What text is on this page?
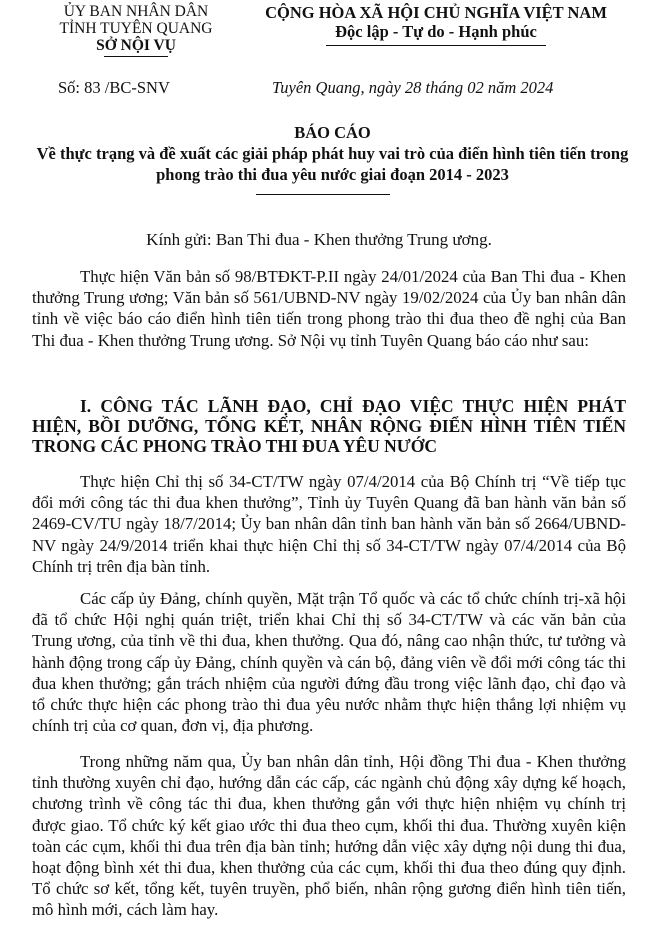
ỦY BAN NHÂN DÂN
TỈNH TUYÊN QUANG
SỞ NỘI VỤ
CỘNG HÒA XÃ HỘI CHỦ NGHĨA VIỆT NAM
Độc lập - Tự do - Hạnh phúc
Số: 83 /BC-SNV	Tuyên Quang, ngày 28 tháng 02 năm 2024
BÁO CÁO
Về thực trạng và đề xuất các giải pháp phát huy vai trò của điển hình tiên tiến trong phong trào thi đua yêu nước giai đoạn 2014 - 2023
Kính gửi: Ban Thi đua - Khen thưởng Trung ương.

Thực hiện Văn bản số 98/BTĐKT-P.II ngày 24/01/2024 của Ban Thi đua - Khen thưởng Trung ương; Văn bản số 561/UBND-NV ngày 19/02/2024 của Ủy ban nhân dân tỉnh về việc báo cáo điển hình tiên tiến trong phong trào thi đua theo đề nghị của Ban Thi đua - Khen thưởng Trung ương. Sở Nội vụ tỉnh Tuyên Quang báo cáo như sau:

I. CÔNG TÁC LÃNH ĐẠO, CHỈ ĐẠO VIỆC THỰC HIỆN PHÁT HIỆN, BỒI DƯỠNG, TỔNG KẾT, NHÂN RỘNG ĐIỂN HÌNH TIÊN TIẾN TRONG CÁC PHONG TRÀO THI ĐUA YÊU NƯỚC

Thực hiện Chỉ thị số 34-CT/TW ngày 07/4/2014 của Bộ Chính trị “Về tiếp tục đổi mới công tác thi đua khen thưởng”, Tỉnh ủy Tuyên Quang đã ban hành văn bản số 2469-CV/TU ngày 18/7/2014; Ủy ban nhân dân tỉnh ban hành văn bản số 2664/UBND-NV ngày 24/9/2014 triển khai thực hiện Chỉ thị số 34-CT/TW ngày 07/4/2014 của Bộ Chính trị trên địa bàn tỉnh.

Các cấp ủy Đảng, chính quyền, Mặt trận Tổ quốc và các tổ chức chính trị-xã hội đã tổ chức Hội nghị quán triệt, triển khai Chỉ thị số 34-CT/TW và các văn bản của Trung ương, của tỉnh về thi đua, khen thưởng. Qua đó, nâng cao nhận thức, tư tưởng và hành động trong cấp ủy Đảng, chính quyền và cán bộ, đảng viên về đổi mới công tác thi đua khen thưởng; gắn trách nhiệm của người đứng đầu trong việc lãnh đạo, chỉ đạo và tổ chức thực hiện các phong trào thi đua yêu nước nhằm thực hiện thắng lợi nhiệm vụ chính trị của cơ quan, đơn vị, địa phương.

Trong những năm qua, Ủy ban nhân dân tỉnh, Hội đồng Thi đua - Khen thưởng tỉnh thường xuyên chỉ đạo, hướng dẫn các cấp, các ngành chủ động xây dựng kế hoạch, chương trình về công tác thi đua, khen thưởng gắn với thực hiện nhiệm vụ chính trị được giao. Tổ chức ký kết giao ước thi đua theo cụm, khối thi đua. Thường xuyên kiện toàn các cụm, khối thi đua trên địa bàn tỉnh; hướng dẫn việc xây dựng nội dung thi đua, hoạt động bình xét thi đua, khen thưởng của các cụm, khối thi đua theo đúng quy định. Tổ chức sơ kết, tổng kết, tuyên truyền, phổ biến, nhân rộng gương điển hình tiên tiến, mô hình mới, cách làm hay.
